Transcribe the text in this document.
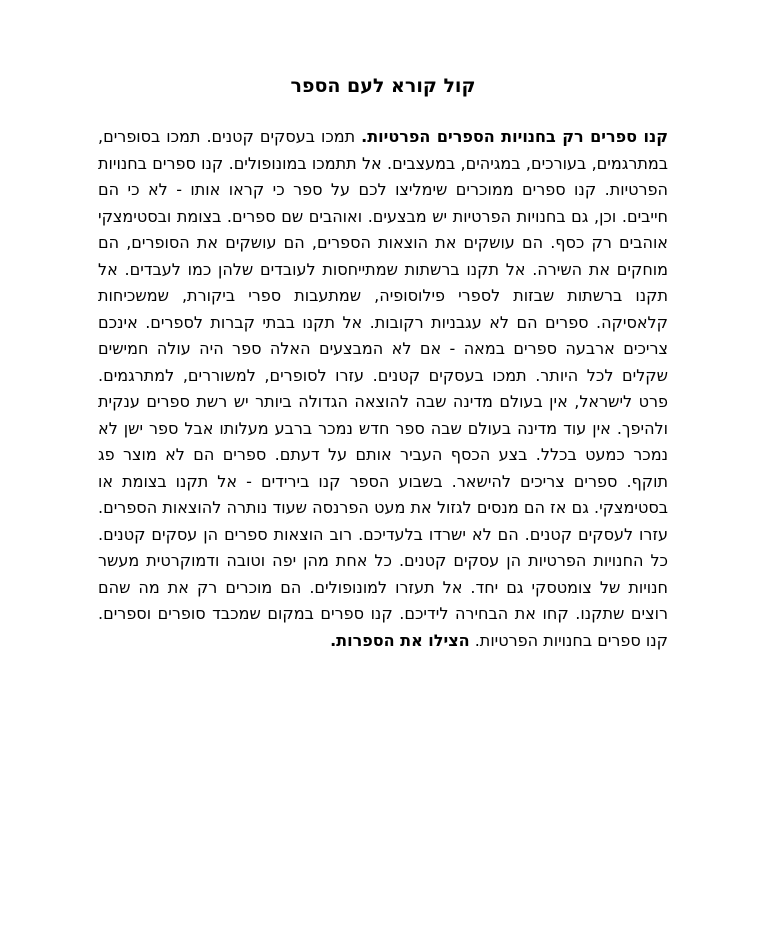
קול קורא לעם הספר

קנו ספרים רק בחנויות הספרים הפרטיות. תמכו בעסקים קטנים. תמכו בסופרים, במתרגמים, בעורכים, במגיהים, במעצבים. אל תתמכו במונופולים. קנו ספרים בחנויות הפרטיות. קנו ספרים ממוכרים שימליצו לכם על ספר כי קראו אותו - לא כי הם חייבים. וכן, גם בחנויות הפרטיות יש מבצעים. ואוהבים שם ספרים. בצומת ובסטימצקי אוהבים רק כסף. הם עושקים את הוצאות הספרים, הם עושקים את הסופרים, הם מוחקים את השירה. אל תקנו ברשתות שמתייחסות לעובדים שלהן כמו לעבדים. אל תקנו ברשתות שבזות לספרי פילוסופיה, שמתעבות ספרי ביקורת, שמשכיחות קלאסיקה. ספרים הם לא עגבניות רקובות. אל תקנו בבתי קברות לספרים. אינכם צריכים ארבעה ספרים במאה - אם לא המבצעים האלה ספר היה עולה חמישים שקלים לכל היותר. תמכו בעסקים קטנים. עזרו לסופרים, למשוררים, למתרגמים. פרט לישראל, אין בעולם מדינה שבה להוצאה הגדולה ביותר יש רשת ספרים ענקית ולהיפך. אין עוד מדינה בעולם שבה ספר חדש נמכר ברבע מעלותו אבל ספר ישן לא נמכר כמעט בכלל. בצע הכסף העביר אותם על דעתם. ספרים הם לא מוצר פג תוקף. ספרים צריכים להישאר. בשבוע הספר קנו בירידים - אל תקנו בצומת או בסטימצקי. גם אז הם מנסים לגזול את מעט הפרנסה שעוד נותרה להוצאות הספרים. עזרו לעסקים קטנים. הם לא ישרדו בלעדיכם. רוב הוצאות ספרים הן עסקים קטנים. כל החנויות הפרטיות הן עסקים קטנים. כל אחת מהן יפה וטובה ודמוקרטית מעשר חנויות של צומטסקי גם יחד. אל תעזרו למונופולים. הם מוכרים רק את מה שהם רוצים שתקנו. קחו את הבחירה לידיכם. קנו ספרים במקום שמכבד סופרים וספרים. קנו ספרים בחנויות הפרטיות. הצילו את הספרות.
